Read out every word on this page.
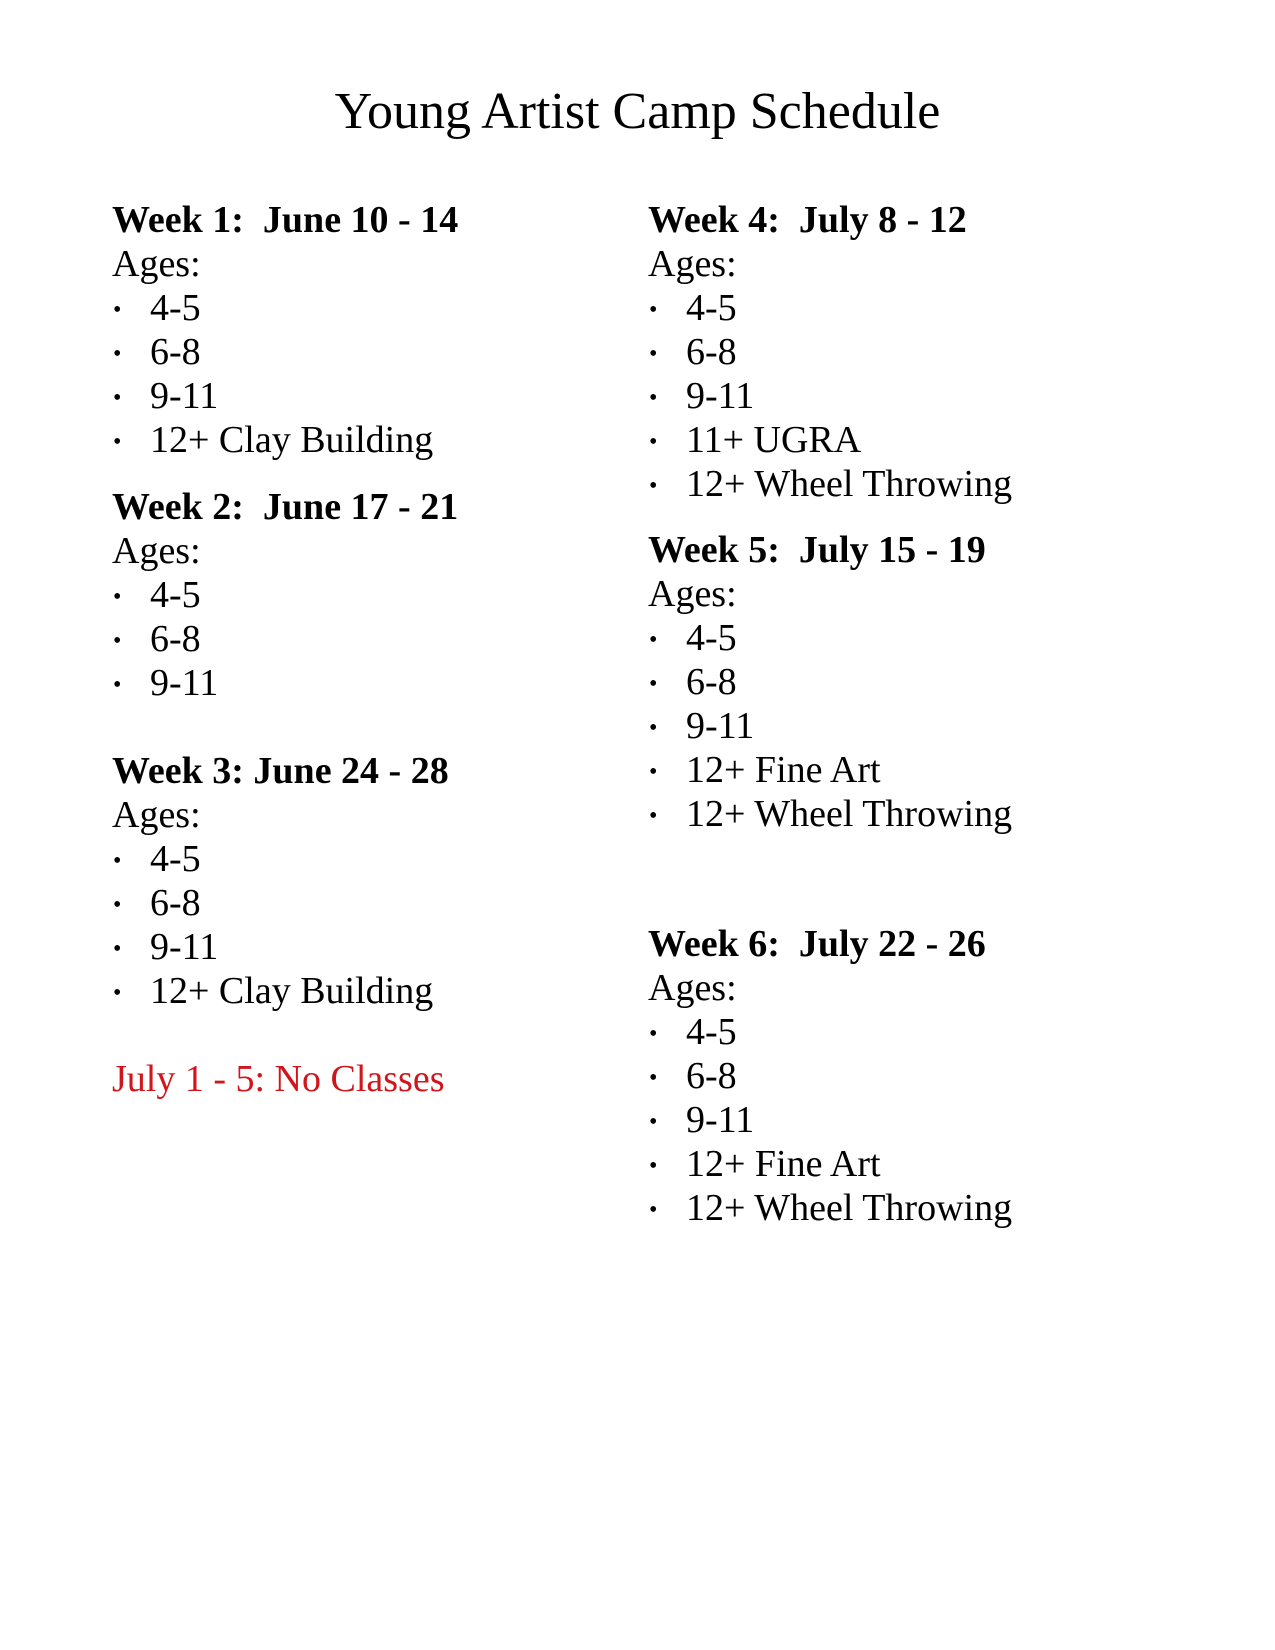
Young Artist Camp Schedule
Week 1:  June 10 - 14
Ages:
• 4-5
• 6-8
• 9-11
• 12+ Clay Building
Week 2:  June 17 - 21
Ages:
• 4-5
• 6-8
• 9-11
Week 3: June 24 - 28
Ages:
• 4-5
• 6-8
• 9-11
• 12+ Clay Building
July 1 - 5: No Classes
Week 4:  July 8 - 12
Ages:
• 4-5
• 6-8
• 9-11
• 11+ UGRA
• 12+ Wheel Throwing
Week 5:  July 15 - 19
Ages:
• 4-5
• 6-8
• 9-11
• 12+ Fine Art
• 12+ Wheel Throwing
Week 6:  July 22 - 26
Ages:
• 4-5
• 6-8
• 9-11
• 12+ Fine Art
• 12+ Wheel Throwing
